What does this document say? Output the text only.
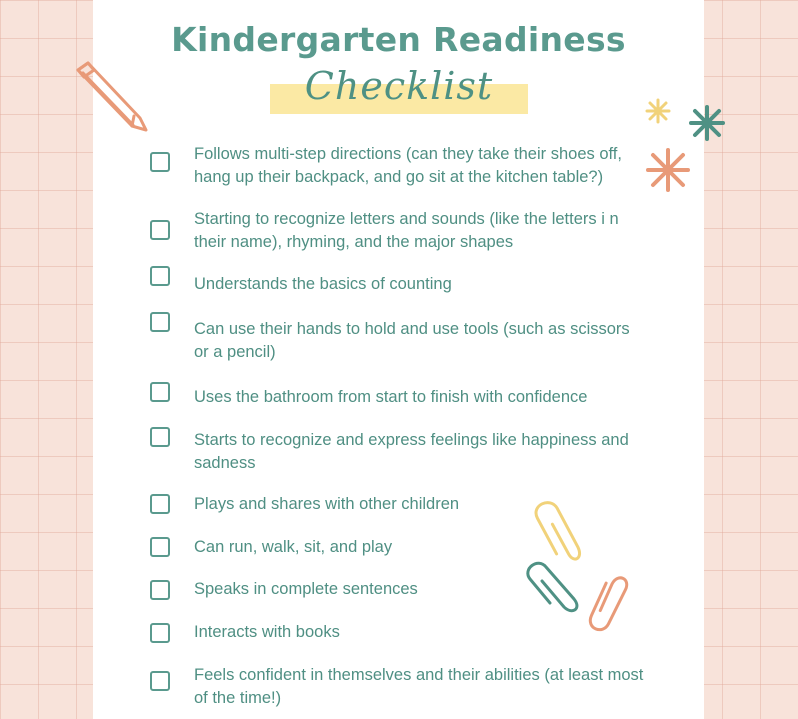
Kindergarten Readiness
Checklist
Follows multi-step directions (can they take their shoes off, hang up their backpack, and go sit at the kitchen table?)
Starting to recognize letters and sounds (like the letters i n their name), rhyming, and the major shapes
Understands the basics of counting
Can use their hands to hold and use tools (such as scissors or a pencil)
Uses the bathroom from start to finish with confidence
Starts to recognize and express feelings like happiness and sadness
Plays and shares with other children
Can run, walk, sit, and play
Speaks in complete sentences
Interacts with books
Feels confident in themselves and their abilities (at least most of the time!)
